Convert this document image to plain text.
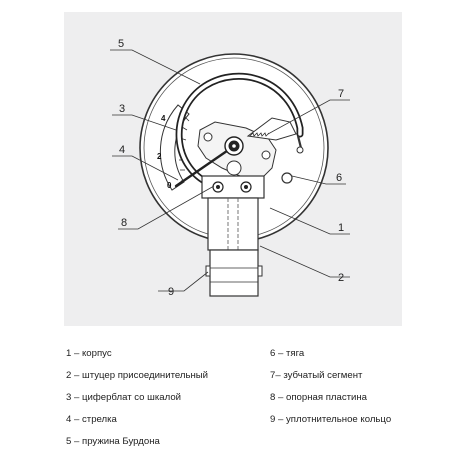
5
3
4
8
9
7
6
1
2
4
2
0
1 – корпус
2 – штуцер присоединительный
3 – циферблат со шкалой
4 – стрелка
5 – пружина Бурдона
6 – тяга
7– зубчатый сегмент
8 – опорная пластина
9 – уплотнительное кольцо
